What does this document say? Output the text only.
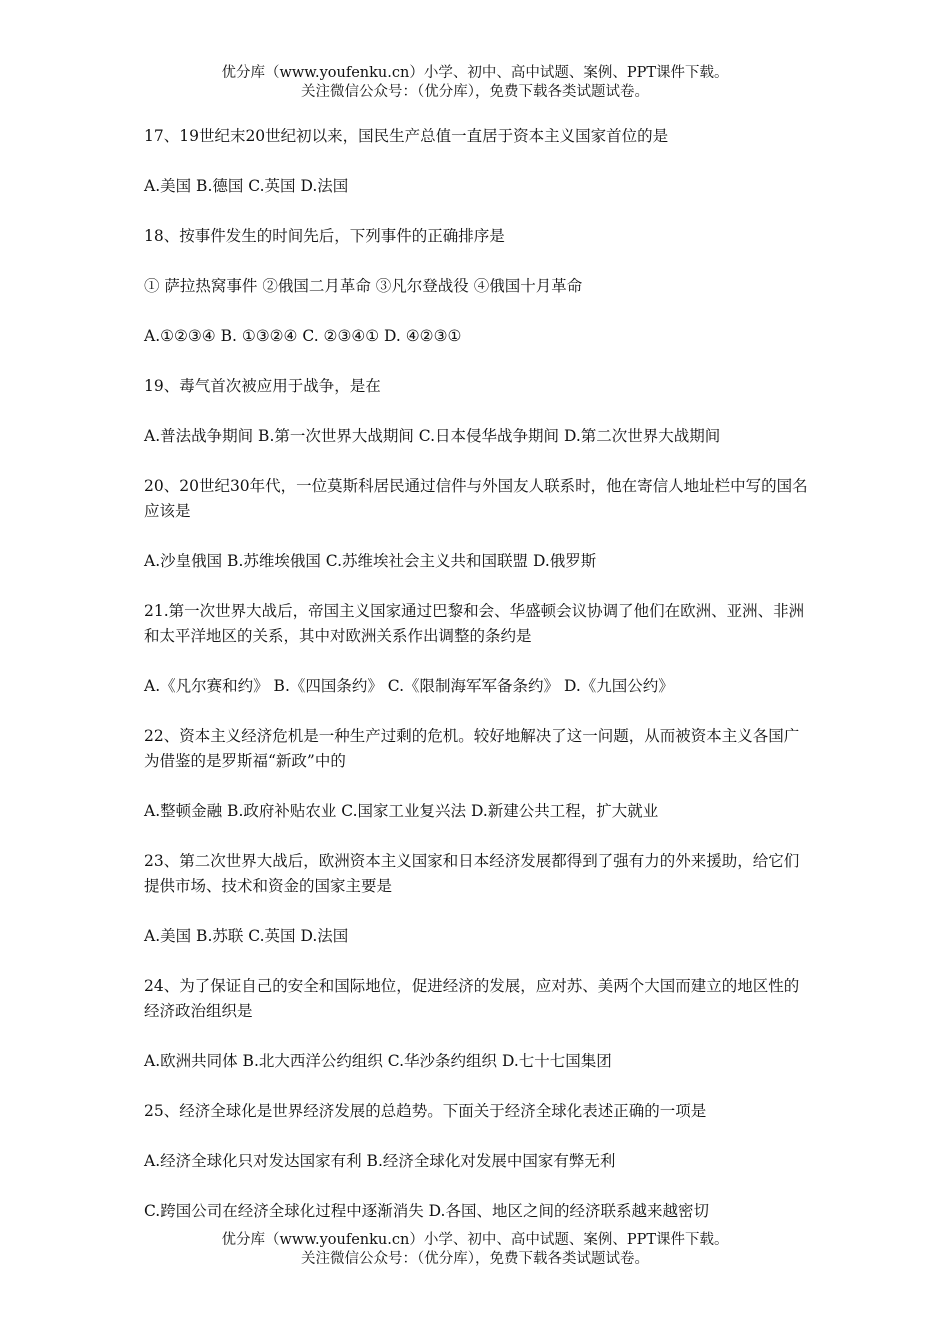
优分库（www.youfenku.cn）小学、初中、高中试题、案例、PPT课件下载。
关注微信公众号：（优分库），免费下载各类试题试卷。

17、19世纪末20世纪初以来，国民生产总值一直居于资本主义国家首位的是

A.美国 B.德国 C.英国 D.法国

18、按事件发生的时间先后，下列事件的正确排序是

① 萨拉热窝事件 ②俄国二月革命 ③凡尔登战役 ④俄国十月革命

A.①②③④ B. ①③②④ C. ②③④① D. ④②③①

19、毒气首次被应用于战争，是在

A.普法战争期间 B.第一次世界大战期间 C.日本侵华战争期间 D.第二次世界大战期间

20、20世纪30年代，一位莫斯科居民通过信件与外国友人联系时，他在寄信人地址栏中写的国名应该是

A.沙皇俄国 B.苏维埃俄国 C.苏维埃社会主义共和国联盟 D.俄罗斯

21.第一次世界大战后，帝国主义国家通过巴黎和会、华盛顿会议协调了他们在欧洲、亚洲、非洲和太平洋地区的关系，其中对欧洲关系作出调整的条约是

A.《凡尔赛和约》 B.《四国条约》 C.《限制海军军备条约》 D.《九国公约》

22、资本主义经济危机是一种生产过剩的危机。较好地解决了这一问题，从而被资本主义各国广为借鉴的是罗斯福“新政”中的

A.整顿金融 B.政府补贴农业 C.国家工业复兴法 D.新建公共工程，扩大就业

23、第二次世界大战后，欧洲资本主义国家和日本经济发展都得到了强有力的外来援助，给它们提供市场、技术和资金的国家主要是

A.美国 B.苏联 C.英国 D.法国

24、为了保证自己的安全和国际地位，促进经济的发展，应对苏、美两个大国而建立的地区性的经济政治组织是

A.欧洲共同体 B.北大西洋公约组织 C.华沙条约组织 D.七十七国集团

25、经济全球化是世界经济发展的总趋势。下面关于经济全球化表述正确的一项是

A.经济全球化只对发达国家有利 B.经济全球化对发展中国家有弊无利

C.跨国公司在经济全球化过程中逐渐消失 D.各国、地区之间的经济联系越来越密切

优分库（www.youfenku.cn）小学、初中、高中试题、案例、PPT课件下载。
关注微信公众号：（优分库），免费下载各类试题试卷。
